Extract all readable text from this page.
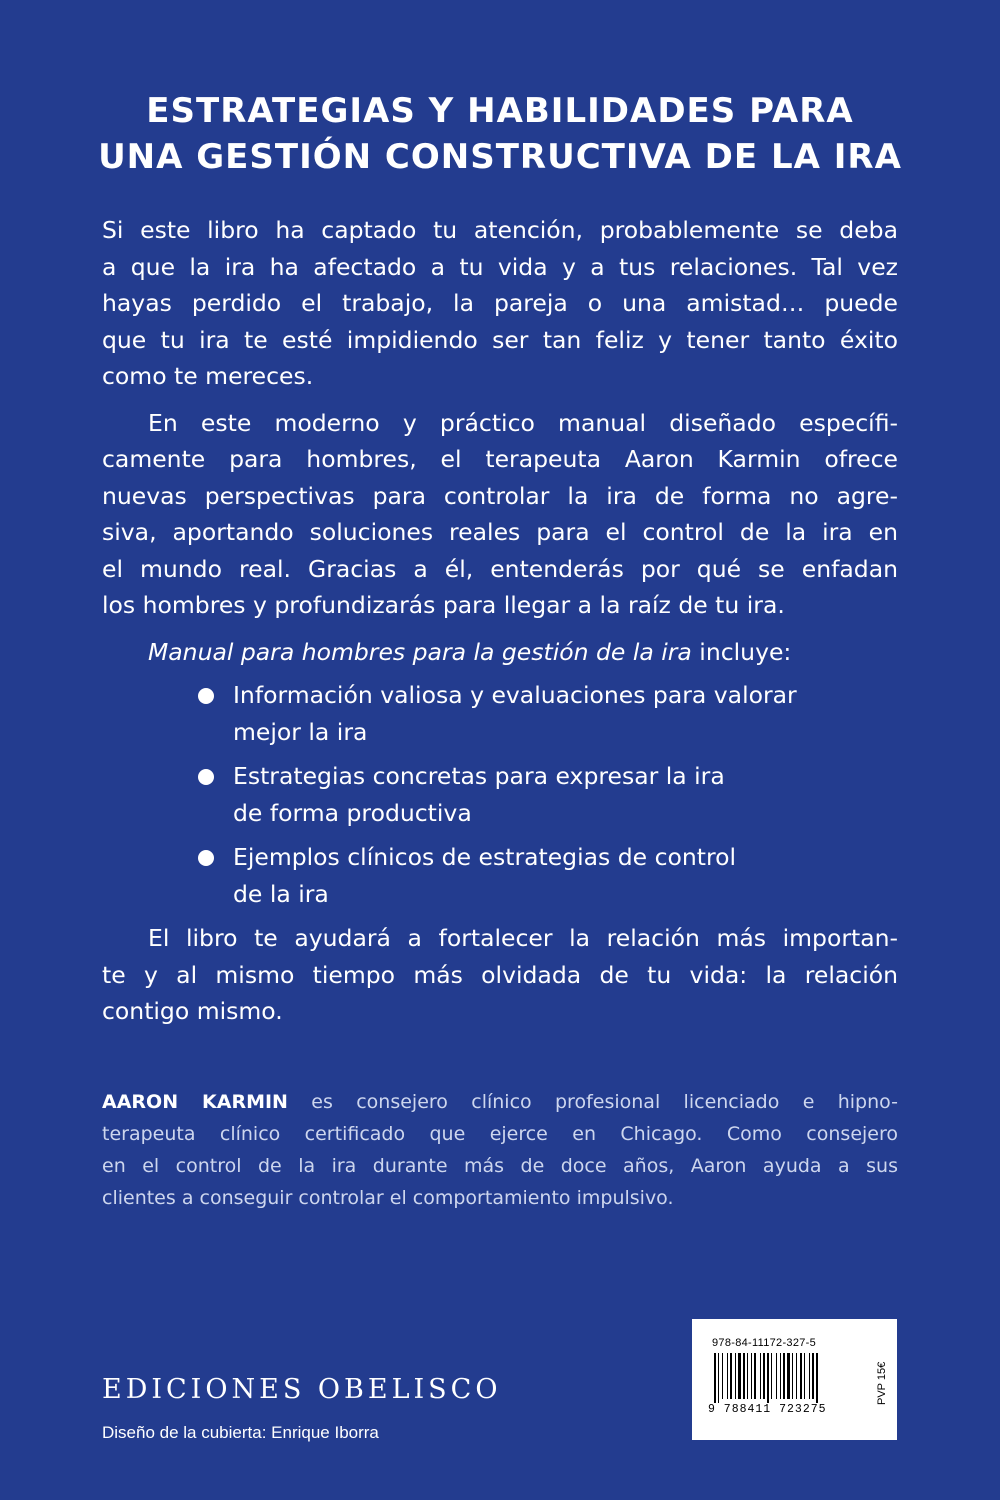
ESTRATEGIAS Y HABILIDADES PARA
UNA GESTIÓN CONSTRUCTIVA DE LA IRA

Si este libro ha captado tu atención, probablemente se deba
a que la ira ha afectado a tu vida y a tus relaciones. Tal vez
hayas perdido el trabajo, la pareja o una amistad… puede
que tu ira te esté impidiendo ser tan feliz y tener tanto éxito
como te mereces.

En este moderno y práctico manual diseñado específi-
camente para hombres, el terapeuta Aaron Karmin ofrece
nuevas perspectivas para controlar la ira de forma no agre-
siva, aportando soluciones reales para el control de la ira en
el mundo real. Gracias a él, entenderás por qué se enfadan
los hombres y profundizarás para llegar a la raíz de tu ira.

Manual para hombres para la gestión de la ira incluye:

Información valiosa y evaluaciones para valorar
mejor la ira
Estrategias concretas para expresar la ira
de forma productiva
Ejemplos clínicos de estrategias de control
de la ira

El libro te ayudará a fortalecer la relación más importan-
te y al mismo tiempo más olvidada de tu vida: la relación
contigo mismo.

AARON KARMIN es consejero clínico profesional licenciado e hipno-
terapeuta clínico certificado que ejerce en Chicago. Como consejero
en el control de la ira durante más de doce años, Aaron ayuda a sus
clientes a conseguir controlar el comportamiento impulsivo.

EDICIONES OBELISCO
Diseño de la cubierta: Enrique Iborra
978-84-11172-327-5
9 788411 723275
PVP 15€
